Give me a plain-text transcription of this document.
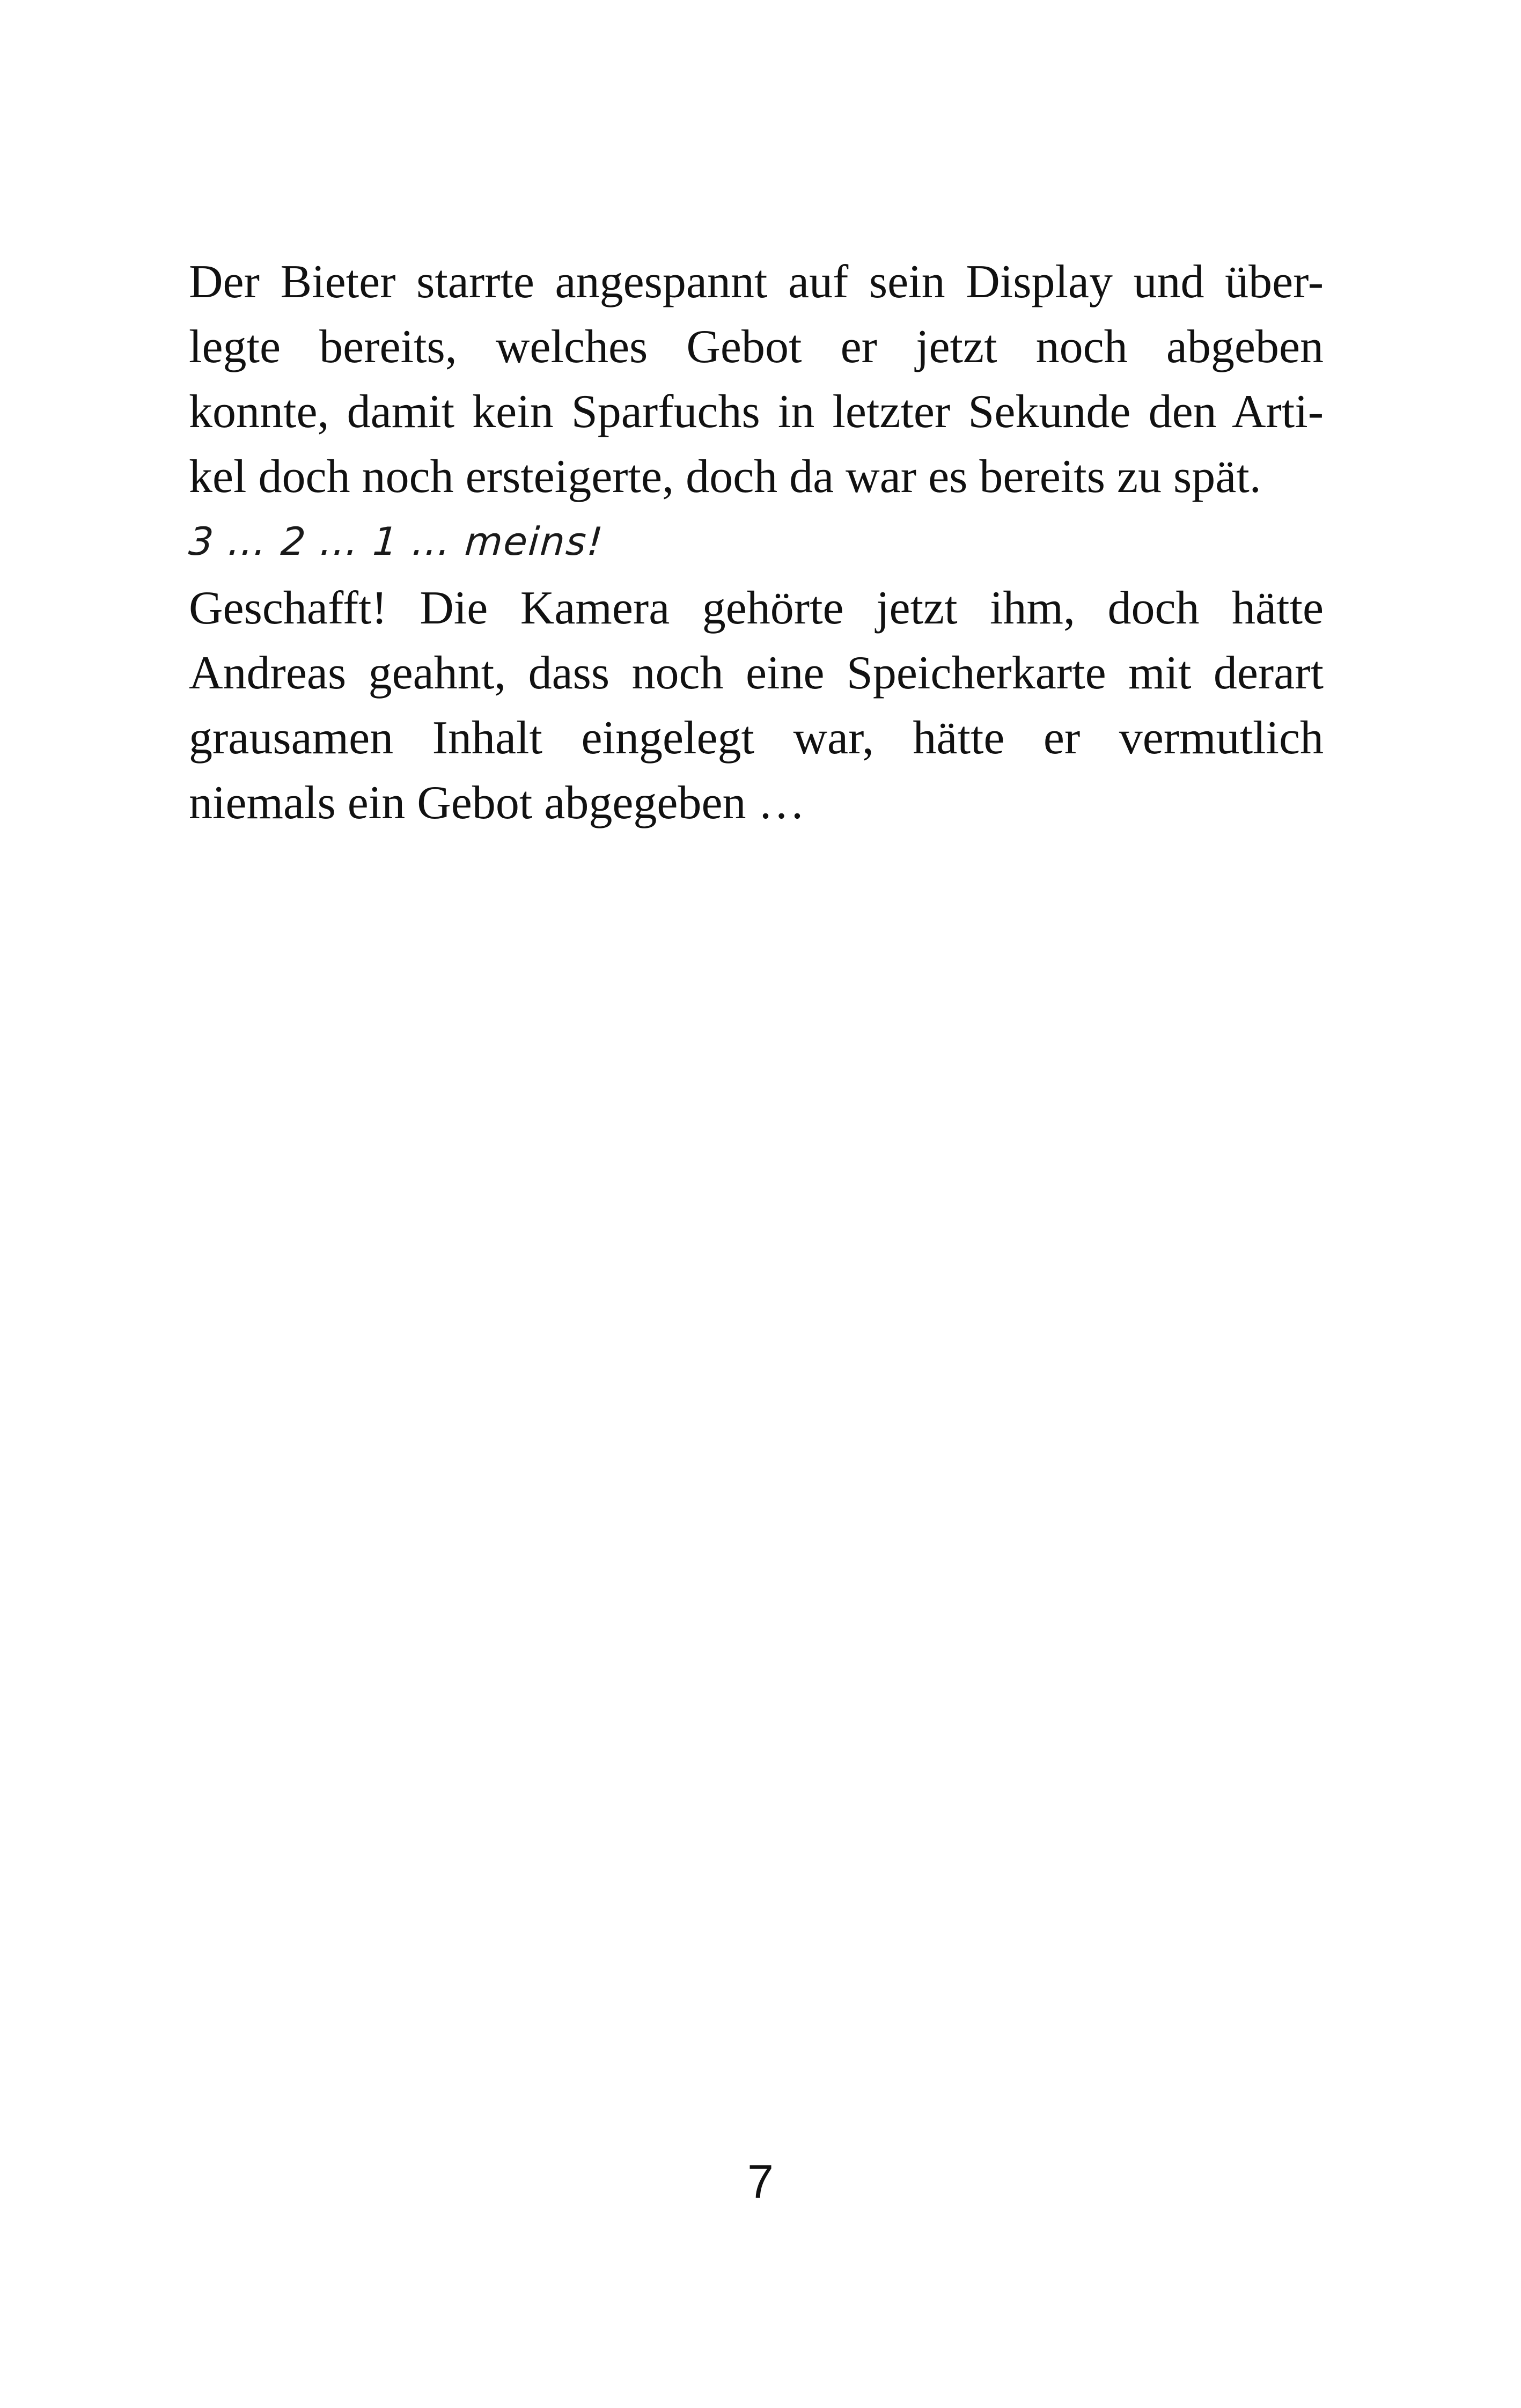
Der Bieter starrte angespannt auf sein Display und über-
legte bereits, welches Gebot er jetzt noch abgeben
konnte, damit kein Sparfuchs in letzter Sekunde den Arti-
kel doch noch ersteigerte, doch da war es bereits zu spät.
3 … 2 … 1 … meins!
Geschafft! Die Kamera gehörte jetzt ihm, doch hätte
Andreas geahnt, dass noch eine Speicherkarte mit derart
grausamen Inhalt eingelegt war, hätte er vermutlich
niemals ein Gebot abgegeben …
7
